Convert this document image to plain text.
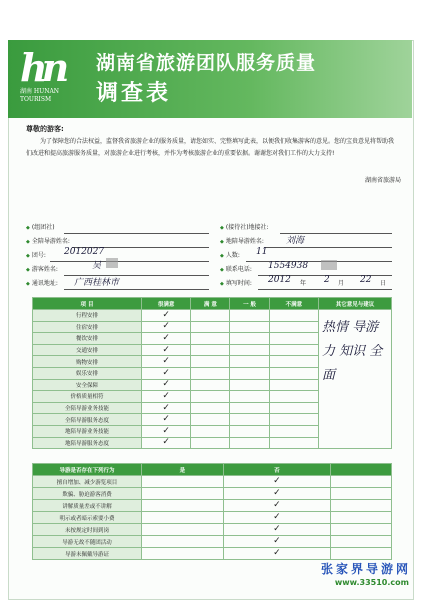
hn
湖南 HUNAN TOURISM
湖南省旅游团队服务质量
调查表
尊敬的游客:
为了保障您的合法权益，监督我省旅游企业的服务质量，请您如实、完整填写此表，以便我们收集游客的意见。您的宝贵意见将帮助我们改进和提高旅游服务质量，对旅游企业进行考核，并作为考核旅游企业的重要依据。谢谢您对我们工作的大力支持!
湖南省旅游局
◆ (组团社)	◆ (接待社)地接社:
◆ 全陪导游姓名:	◆ 地陪导游姓名: 刘海
◆ 团号: 2012027	◆ 人数: 11
◆ 游客姓名:	吴	◆ 联系电话: 1554938
◆ 通讯地址: 广西桂林市	◆ 填写时间: 2012 年 2 月 22 日
项 目	很满意	满 意	一 般	不满意	其它意见与建议
行程安排	✓				
住宿安排	✓				
餐饮安排	✓				
交通安排	✓				
购物安排	✓				
娱乐安排	✓				
安全保障	✓				
价格质量相符	✓				
全陪导游业务技能	✓				
全陪导游服务态度	✓				
地陪导游业务技能	✓				
地陪导游服务态度	✓				
热情 导游 力 知识 全面
导游是否存在下列行为	是	否	
擅自增加、减少游览项目		✓	
欺骗、胁迫游客消费		✓	
讲解质量差或不讲解		✓	
明示或者暗示索要小费		✓	
未按规定时间到岗		✓	
导游无故不随团活动		✓	
导游未佩戴导游证		✓	
张家界导游网
www.33510.com
